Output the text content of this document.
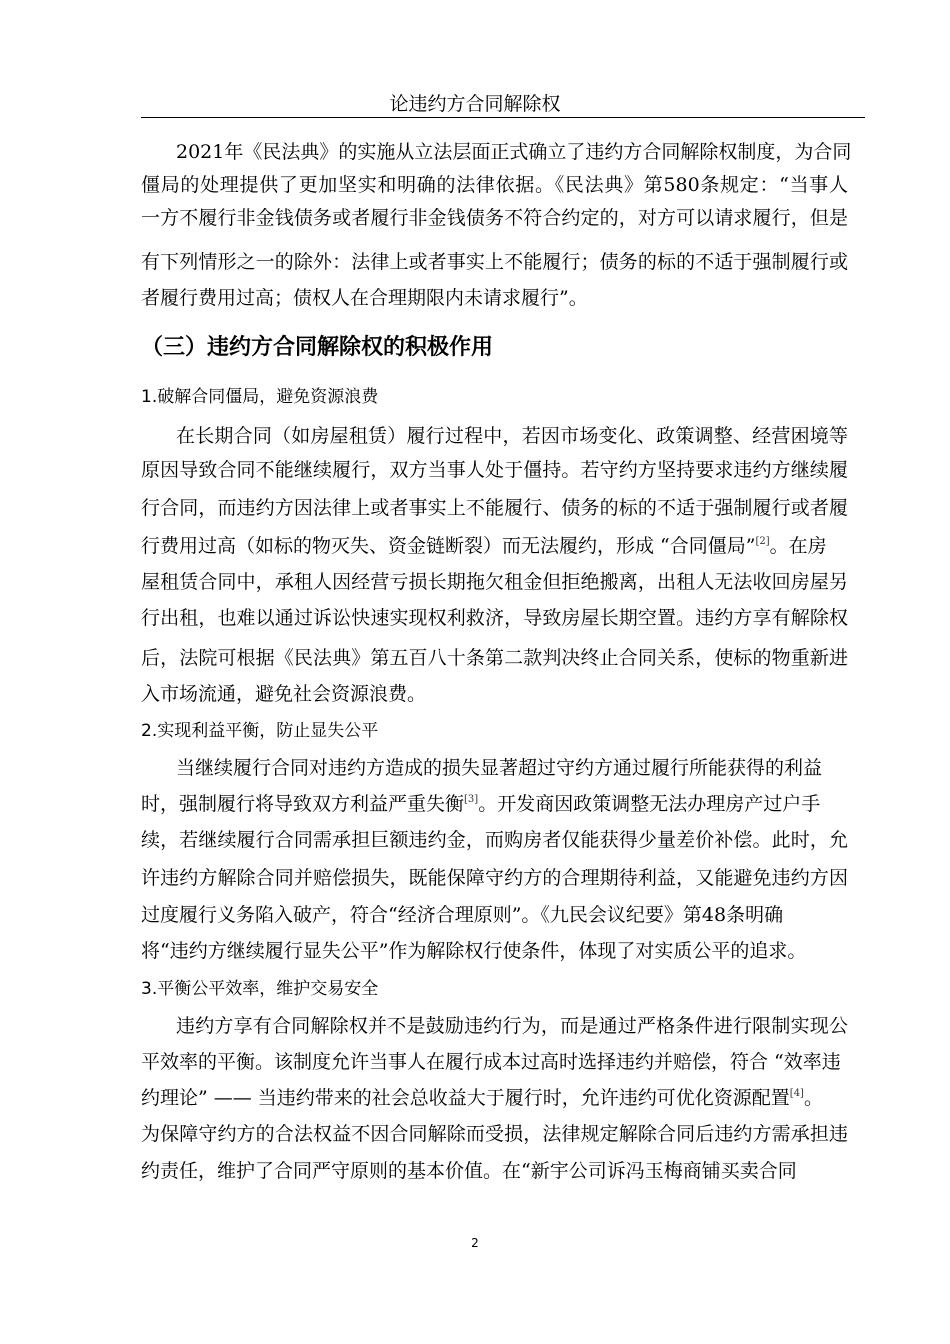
论违约方合同解除权
2021年《民法典》的实施从立法层面正式确立了违约方合同解除权制度，为合同
僵局的处理提供了更加坚实和明确的法律依据。《民法典》第580条规定：“当事人
一方不履行非金钱债务或者履行非金钱债务不符合约定的，对方可以请求履行，但是
有下列情形之一的除外：法律上或者事实上不能履行；债务的标的不适于强制履行或
者履行费用过高；债权人在合理期限内未请求履行”。
（三）违约方合同解除权的积极作用
1.破解合同僵局，避免资源浪费
在长期合同（如房屋租赁）履行过程中，若因市场变化、政策调整、经营困境等
原因导致合同不能继续履行，双方当事人处于僵持。若守约方坚持要求违约方继续履
行合同，而违约方因法律上或者事实上不能履行、债务的标的不适于强制履行或者履
行费用过高（如标的物灭失、资金链断裂）而无法履约，形成 “合同僵局”[2]。在房
屋租赁合同中，承租人因经营亏损长期拖欠租金但拒绝搬离，出租人无法收回房屋另
行出租，也难以通过诉讼快速实现权利救济，导致房屋长期空置。违约方享有解除权
后，法院可根据《民法典》第五百八十条第二款判决终止合同关系，使标的物重新进
入市场流通，避免社会资源浪费。
2.实现利益平衡，防止显失公平
当继续履行合同对违约方造成的损失显著超过守约方通过履行所能获得的利益
时，强制履行将导致双方利益严重失衡[3]。开发商因政策调整无法办理房产过户手
续，若继续履行合同需承担巨额违约金，而购房者仅能获得少量差价补偿。此时，允
许违约方解除合同并赔偿损失，既能保障守约方的合理期待利益，又能避免违约方因
过度履行义务陷入破产，符合“经济合理原则”。《九民会议纪要》第48条明确
将“违约方继续履行显失公平”作为解除权行使条件，体现了对实质公平的追求。
3.平衡公平效率，维护交易安全
违约方享有合同解除权并不是鼓励违约行为，而是通过严格条件进行限制实现公
平效率的平衡。该制度允许当事人在履行成本过高时选择违约并赔偿，符合 “效率违
约理论” —— 当违约带来的社会总收益大于履行时，允许违约可优化资源配置[4]。
为保障守约方的合法权益不因合同解除而受损，法律规定解除合同后违约方需承担违
约责任，维护了合同严守原则的基本价值。在“新宇公司诉冯玉梅商铺买卖合同
2
